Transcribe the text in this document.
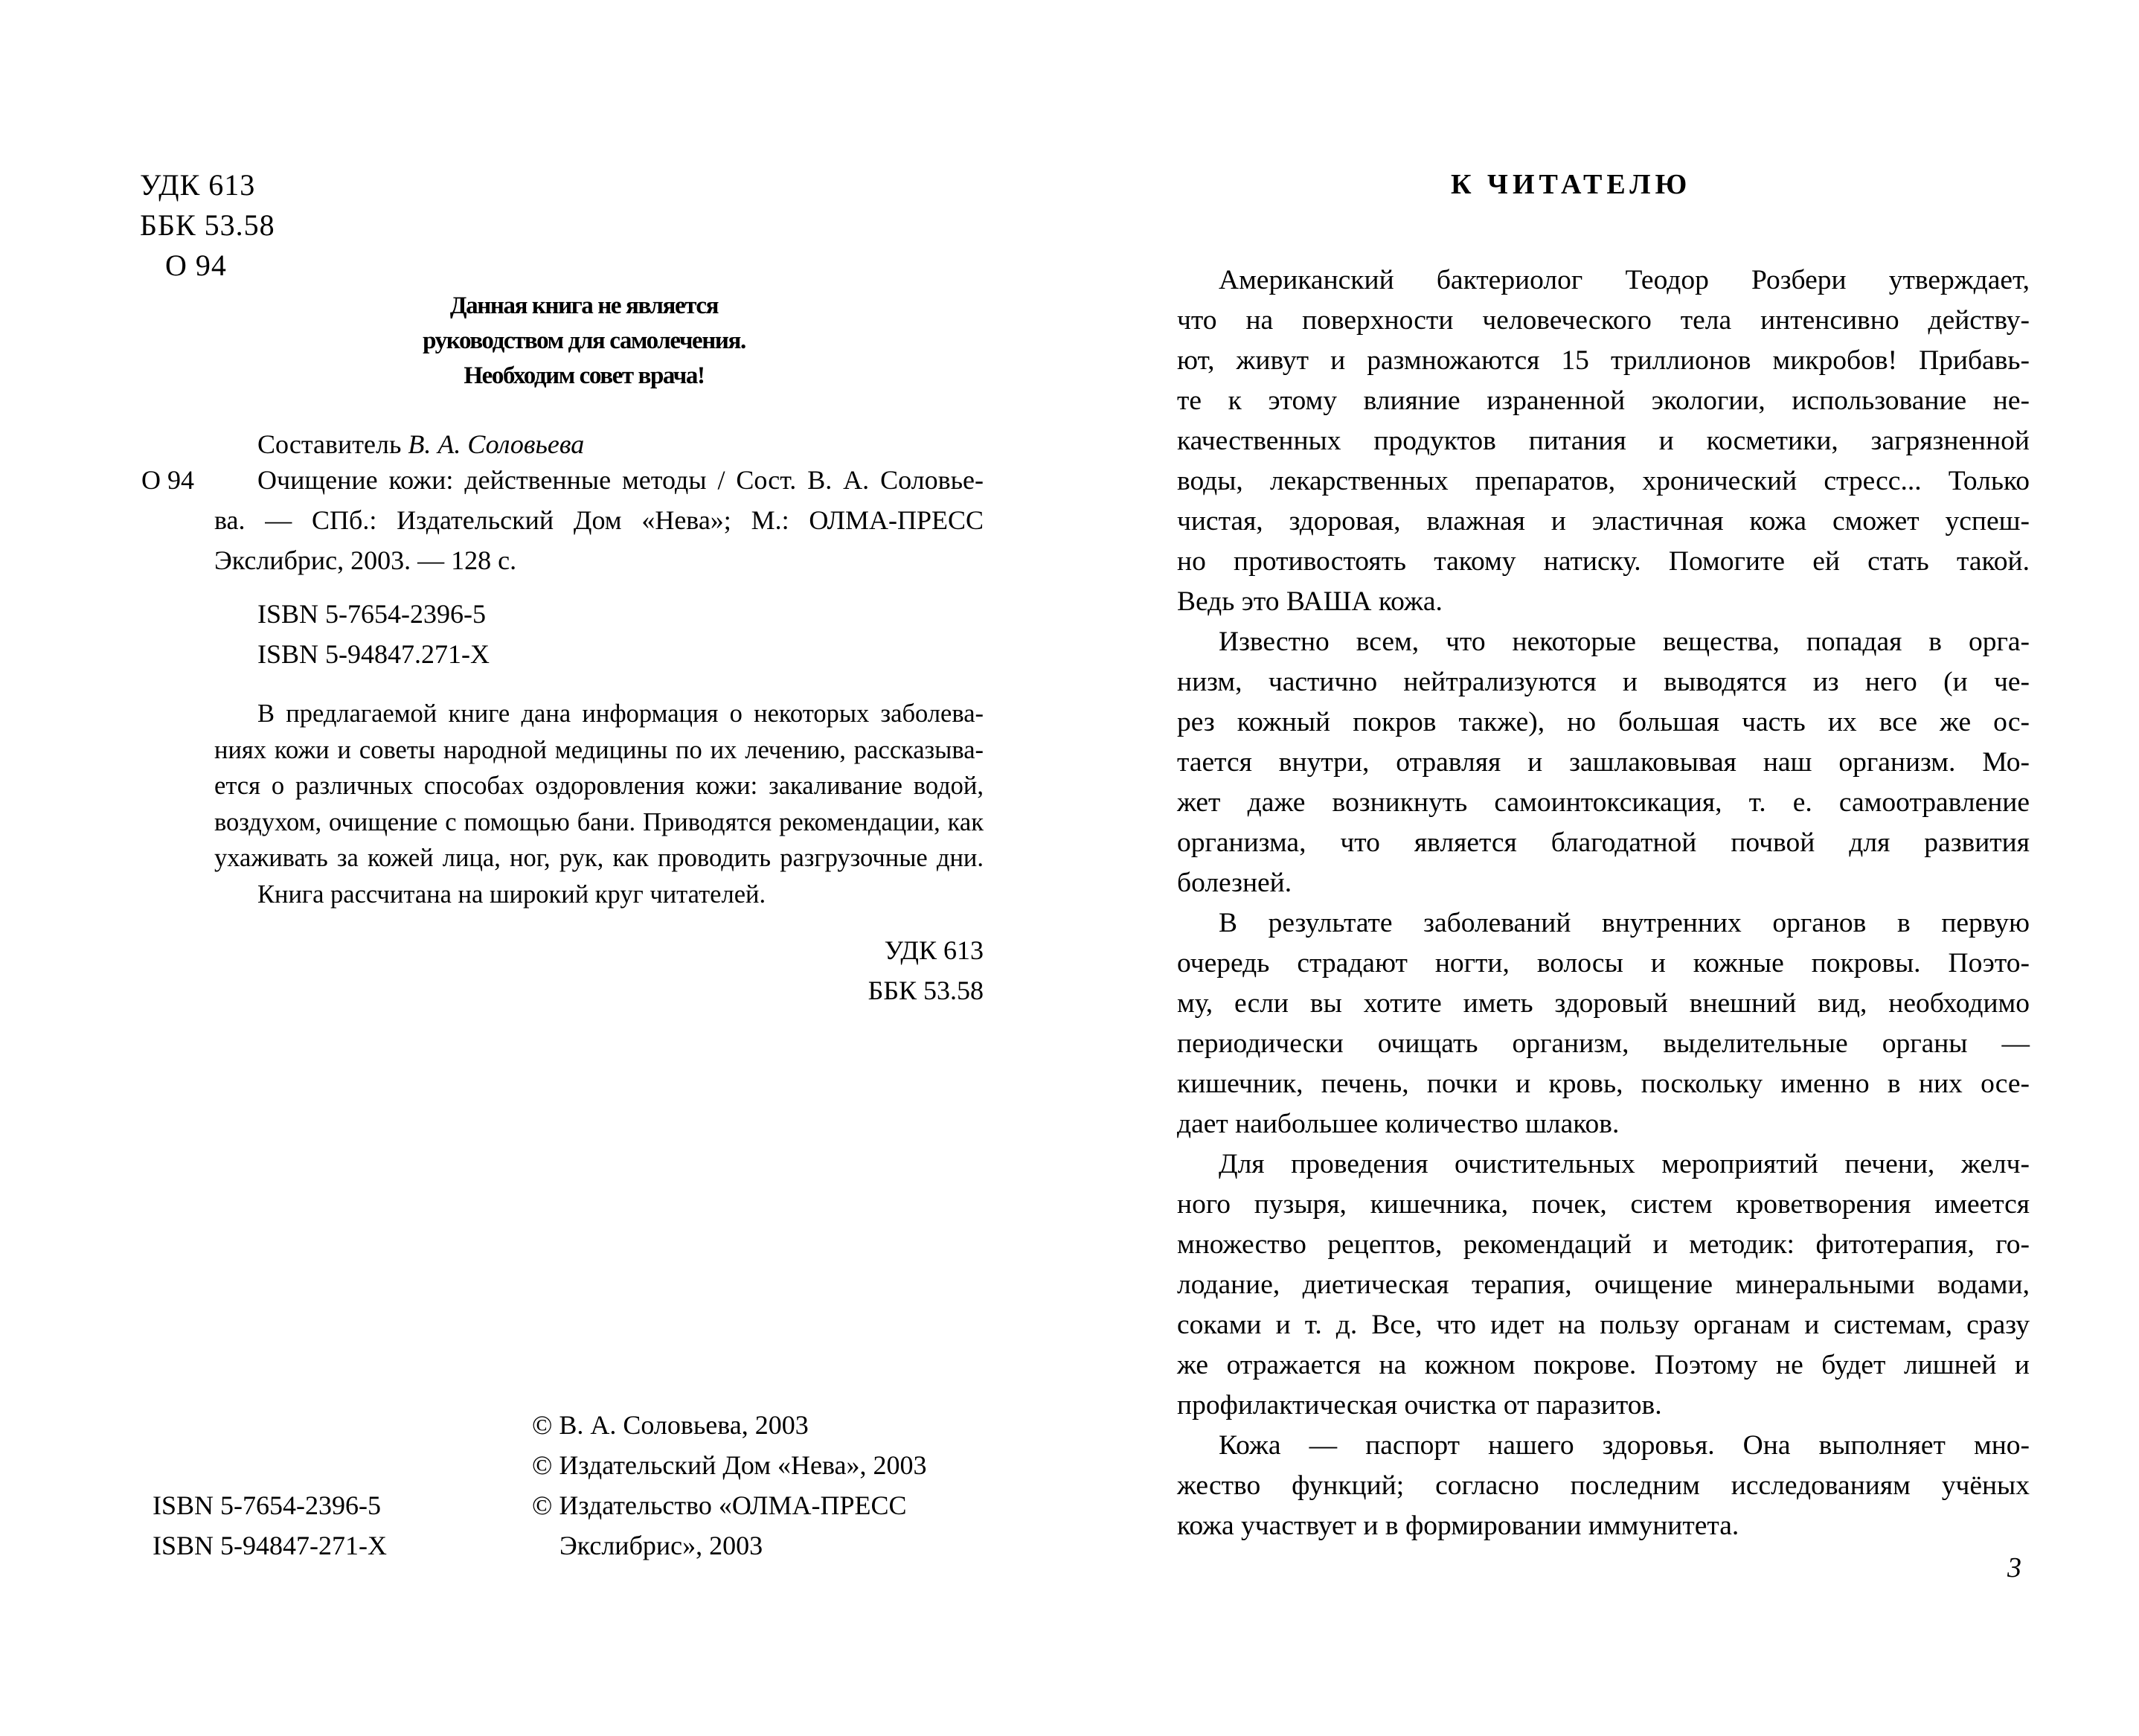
УДК 613
ББК 53.58
О 94
Данная книга не является
руководством для самолечения.
Необходим совет врача!
Составитель В. А. Соловьева
О 94	Очищение кожи: действенные методы / Сост. В. А. Соловье-
ва. — СПб.: Издательский Дом «Нева»; М.: ОЛМА-ПРЕСС
Экслибрис, 2003. — 128 с.
ISBN 5-7654-2396-5
ISBN 5-94847.271-X
В предлагаемой книге дана информация о некоторых заболева-
ниях кожи и советы народной медицины по их лечению, рассказыва-
ется о различных способах оздоровления кожи: закаливание водой,
воздухом, очищение с помощью бани. Приводятся рекомендации, как
ухаживать за кожей лица, ног, рук, как проводить разгрузочные дни.
Книга рассчитана на широкий круг читателей.
УДК 613
ББК 53.58
© В. А. Соловьева, 2003
© Издательский Дом «Нева», 2003
© Издательство «ОЛМА-ПРЕСС
Экслибрис», 2003
ISBN 5-7654-2396-5
ISBN 5-94847-271-X
К ЧИТАТЕЛЮ
Американский бактериолог Теодор Розбери утверждает,
что на поверхности человеческого тела интенсивно действу-
ют, живут и размножаются 15 триллионов микробов! Прибавь-
те к этому влияние израненной экологии, использование не-
качественных продуктов питания и косметики, загрязненной
воды, лекарственных препаратов, хронический стресс... Только
чистая, здоровая, влажная и эластичная кожа сможет успеш-
но противостоять такому натиску. Помогите ей стать такой.
Ведь это ВАША кожа.
Известно всем, что некоторые вещества, попадая в орга-
низм, частично нейтрализуются и выводятся из него (и че-
рез кожный покров также), но большая часть их все же ос-
тается внутри, отравляя и зашлаковывая наш организм. Мо-
жет даже возникнуть самоинтоксикация, т. е. самоотравление
организма, что является благодатной почвой для развития
болезней.
В результате заболеваний внутренних органов в первую
очередь страдают ногти, волосы и кожные покровы. Поэто-
му, если вы хотите иметь здоровый внешний вид, необходимо
периодически очищать организм, выделительные органы —
кишечник, печень, почки и кровь, поскольку именно в них осе-
дает наибольшее количество шлаков.
Для проведения очистительных мероприятий печени, желч-
ного пузыря, кишечника, почек, систем кроветворения имеется
множество рецептов, рекомендаций и методик: фитотерапия, го-
лодание, диетическая терапия, очищение минеральными водами,
соками и т. д. Все, что идет на пользу органам и системам, сразу
же отражается на кожном покрове. Поэтому не будет лишней и
профилактическая очистка от паразитов.
Кожа — паспорт нашего здоровья. Она выполняет мно-
жество функций; согласно последним исследованиям учёных
кожа участвует и в формировании иммунитета.
3
